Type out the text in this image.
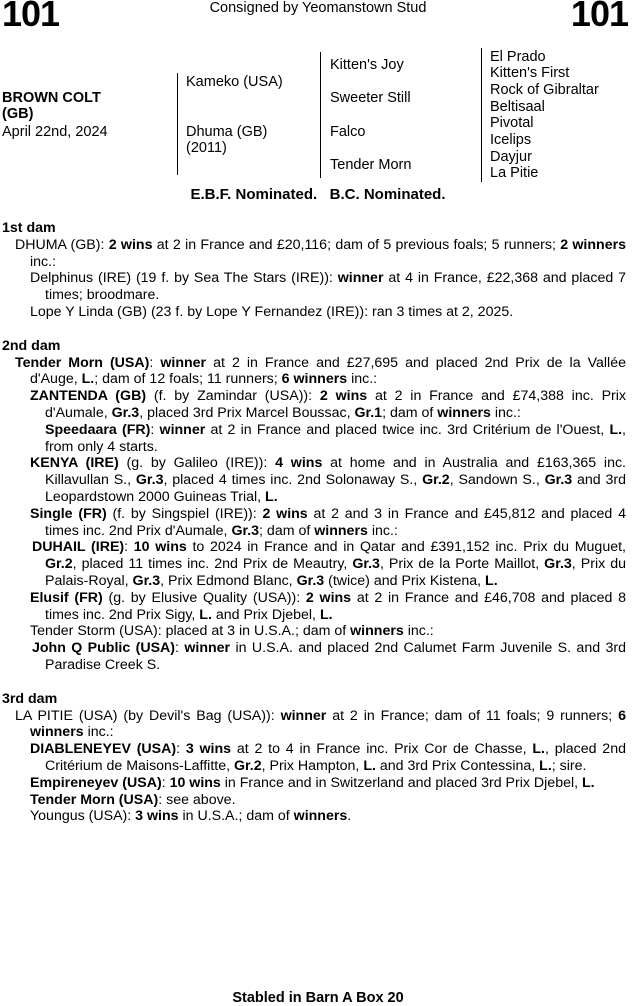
101	Consigned by Yeomanstown Stud	101
BROWN COLT
(GB)
April 22nd, 2024
Kameko (USA)
Dhuma (GB)
(2011)
Kitten's Joy
Sweeter Still
Falco
Tender Morn
El Prado
Kitten's First
Rock of Gibraltar
Beltisaal
Pivotal
Icelips
Dayjur
La Pitie
E.B.F. Nominated.   B.C. Nominated.
1st dam

DHUMA (GB): 2 wins at 2 in France and £20,116; dam of 5 previous foals; 5 runners; 2 winners inc.:

Delphinus (IRE) (19 f. by Sea The Stars (IRE)): winner at 4 in France, £22,368 and placed 7 times; broodmare.

Lope Y Linda (GB) (23 f. by Lope Y Fernandez (IRE)): ran 3 times at 2, 2025.

2nd dam

Tender Morn (USA): winner at 2 in France and £27,695 and placed 2nd Prix de la Vallée d'Auge, L.; dam of 12 foals; 11 runners; 6 winners inc.:

ZANTENDA (GB) (f. by Zamindar (USA)): 2 wins at 2 in France and £74,388 inc. Prix d'Aumale, Gr.3, placed 3rd Prix Marcel Boussac, Gr.1; dam of winners inc.:

Speedaara (FR): winner at 2 in France and placed twice inc. 3rd Critérium de l'Ouest, L., from only 4 starts.

KENYA (IRE) (g. by Galileo (IRE)): 4 wins at home and in Australia and £163,365 inc. Killavullan S., Gr.3, placed 4 times inc. 2nd Solonaway S., Gr.2, Sandown S., Gr.3 and 3rd Leopardstown 2000 Guineas Trial, L.

Single (FR) (f. by Singspiel (IRE)): 2 wins at 2 and 3 in France and £45,812 and placed 4 times inc. 2nd Prix d'Aumale, Gr.3; dam of winners inc.:

DUHAIL (IRE): 10 wins to 2024 in France and in Qatar and £391,152 inc. Prix du Muguet, Gr.2, placed 11 times inc. 2nd Prix de Meautry, Gr.3, Prix de la Porte Maillot, Gr.3, Prix du Palais-Royal, Gr.3, Prix Edmond Blanc, Gr.3 (twice) and Prix Kistena, L.

Elusif (FR) (g. by Elusive Quality (USA)): 2 wins at 2 in France and £46,708 and placed 8 times inc. 2nd Prix Sigy, L. and Prix Djebel, L.

Tender Storm (USA): placed at 3 in U.S.A.; dam of winners inc.:

John Q Public (USA): winner in U.S.A. and placed 2nd Calumet Farm Juvenile S. and 3rd Paradise Creek S.

3rd dam

LA PITIE (USA) (by Devil's Bag (USA)): winner at 2 in France; dam of 11 foals; 9 runners; 6 winners inc.:

DIABLENEYEV (USA): 3 wins at 2 to 4 in France inc. Prix Cor de Chasse, L., placed 2nd Critérium de Maisons-Laffitte, Gr.2, Prix Hampton, L. and 3rd Prix Contessina, L.; sire.

Empireneyev (USA): 10 wins in France and in Switzerland and placed 3rd Prix Djebel, L.

Tender Morn (USA): see above.

Youngus (USA): 3 wins in U.S.A.; dam of winners.

Stabled in Barn A Box 20
